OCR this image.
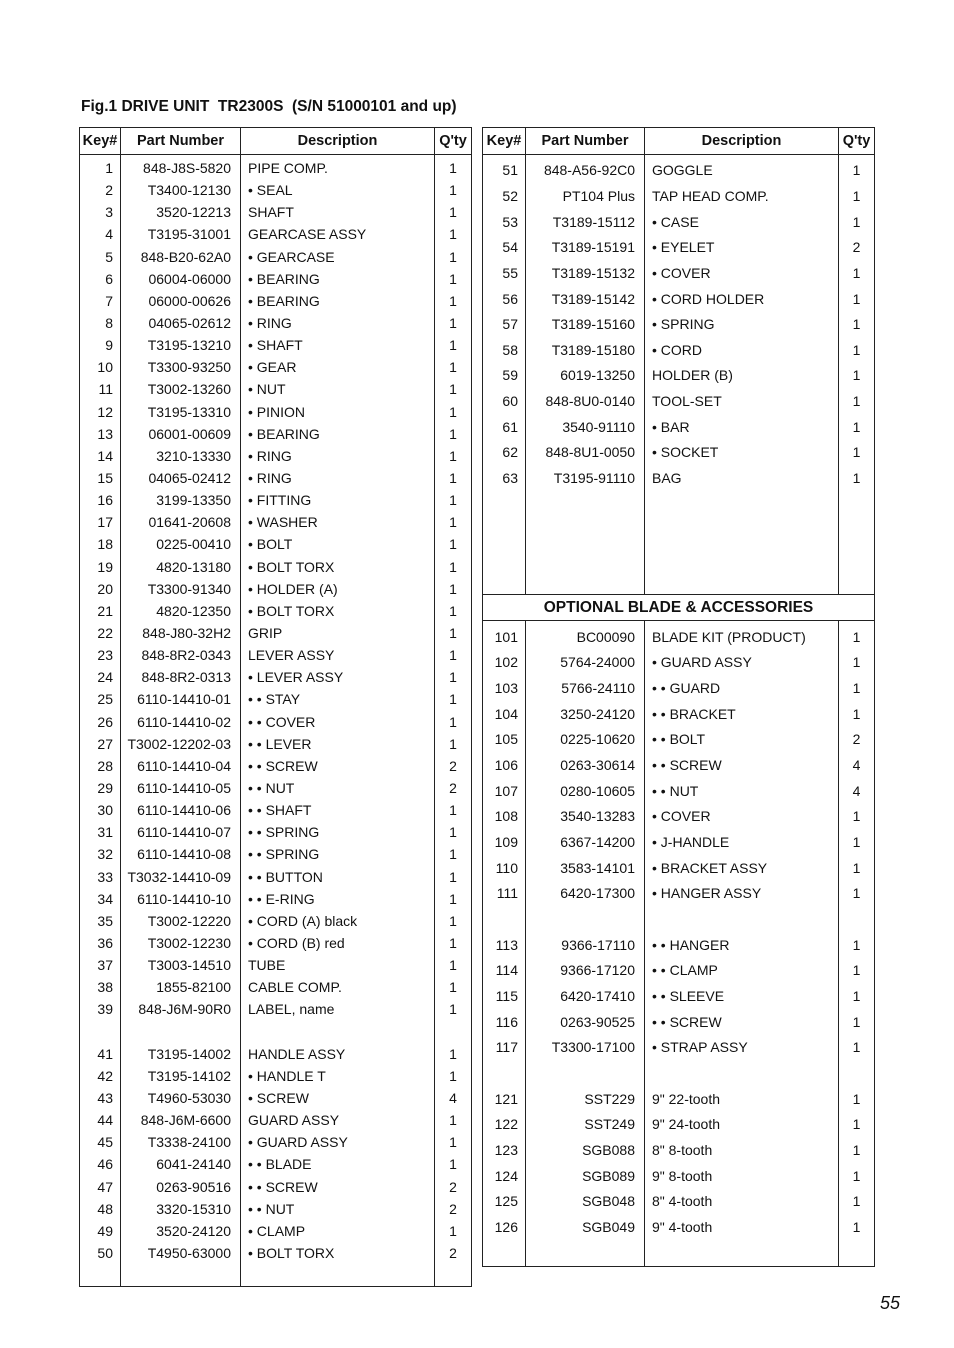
Fig.1 DRIVE UNIT  TR2300S  (S/N 51000101 and up)
Key#	Part Number	Description	Q'ty
1	848-J8S-5820	PIPE COMP.	1
2	T3400-12130	• SEAL	1
3	3520-12213	SHAFT	1
4	T3195-31001	GEARCASE ASSY	1
5	848-B20-62A0	• GEARCASE	1
6	06004-06000	• BEARING	1
7	06000-00626	• BEARING	1
8	04065-02612	• RING	1
9	T3195-13210	• SHAFT	1
10	T3300-93250	• GEAR	1
11	T3002-13260	• NUT	1
12	T3195-13310	• PINION	1
13	06001-00609	• BEARING	1
14	3210-13330	• RING	1
15	04065-02412	• RING	1
16	3199-13350	• FITTING	1
17	01641-20608	• WASHER	1
18	0225-00410	• BOLT	1
19	4820-13180	• BOLT TORX	1
20	T3300-91340	• HOLDER (A)	1
21	4820-12350	• BOLT TORX	1
22	848-J80-32H2	GRIP	1
23	848-8R2-0343	LEVER ASSY	1
24	848-8R2-0313	• LEVER ASSY	1
25	6110-14410-01	• • STAY	1
26	6110-14410-02	• • COVER	1
27	T3002-12202-03	• • LEVER	1
28	6110-14410-04	• • SCREW	2
29	6110-14410-05	• • NUT	2
30	6110-14410-06	• • SHAFT	1
31	6110-14410-07	• • SPRING	1
32	6110-14410-08	• • SPRING	1
33	T3032-14410-09	• • BUTTON	1
34	6110-14410-10	• • E-RING	1
35	T3002-12220	• CORD (A) black	1
36	T3002-12230	• CORD (B) red	1
37	T3003-14510	TUBE	1
38	1855-82100	CABLE COMP.	1
39	848-J6M-90R0	LABEL, name	1

41	T3195-14002	HANDLE ASSY	1
42	T3195-14102	• HANDLE T	1
43	T4960-53030	• SCREW	4
44	848-J6M-6600	GUARD ASSY	1
45	T3338-24100	• GUARD ASSY	1
46	6041-24140	• • BLADE	1
47	0263-90516	• • SCREW	2
48	3320-15310	• • NUT	2
49	3520-24120	• CLAMP	1
50	T4950-63000	• BOLT TORX	2

Key#	Part Number	Description	Q'ty
51	848-A56-92C0	GOGGLE	1
52	PT104 Plus	TAP HEAD COMP.	1
53	T3189-15112	• CASE	1
54	T3189-15191	• EYELET	2
55	T3189-15132	• COVER	1
56	T3189-15142	• CORD HOLDER	1
57	T3189-15160	• SPRING	1
58	T3189-15180	• CORD	1
59	6019-13250	HOLDER (B)	1
60	848-8U0-0140	TOOL-SET	1
61	3540-91110	• BAR	1
62	848-8U1-0050	• SOCKET	1
63	T3195-91110	BAG	1

OPTIONAL BLADE & ACCESSORIES			
101	BC00090	BLADE KIT (PRODUCT)	1
102	5764-24000	• GUARD ASSY	1
103	5766-24110	• • GUARD	1
104	3250-24120	• • BRACKET	1
105	0225-10620	• • BOLT	2
106	0263-30614	• • SCREW	4
107	0280-10605	• • NUT	4
108	3540-13283	• COVER	1
109	6367-14200	• J-HANDLE	1
110	3583-14101	• BRACKET ASSY	1
111	6420-17300	• HANGER ASSY	1

113	9366-17110	• • HANGER	1
114	9366-17120	• • CLAMP	1
115	6420-17410	• • SLEEVE	1
116	0263-90525	• • SCREW	1
117	T3300-17100	• STRAP ASSY	1

121	SST229	9" 22-tooth	1
122	SST249	9" 24-tooth	1
123	SGB088	8" 8-tooth	1
124	SGB089	9" 8-tooth	1
125	SGB048	8" 4-tooth	1
126	SGB049	9" 4-tooth	1

55
